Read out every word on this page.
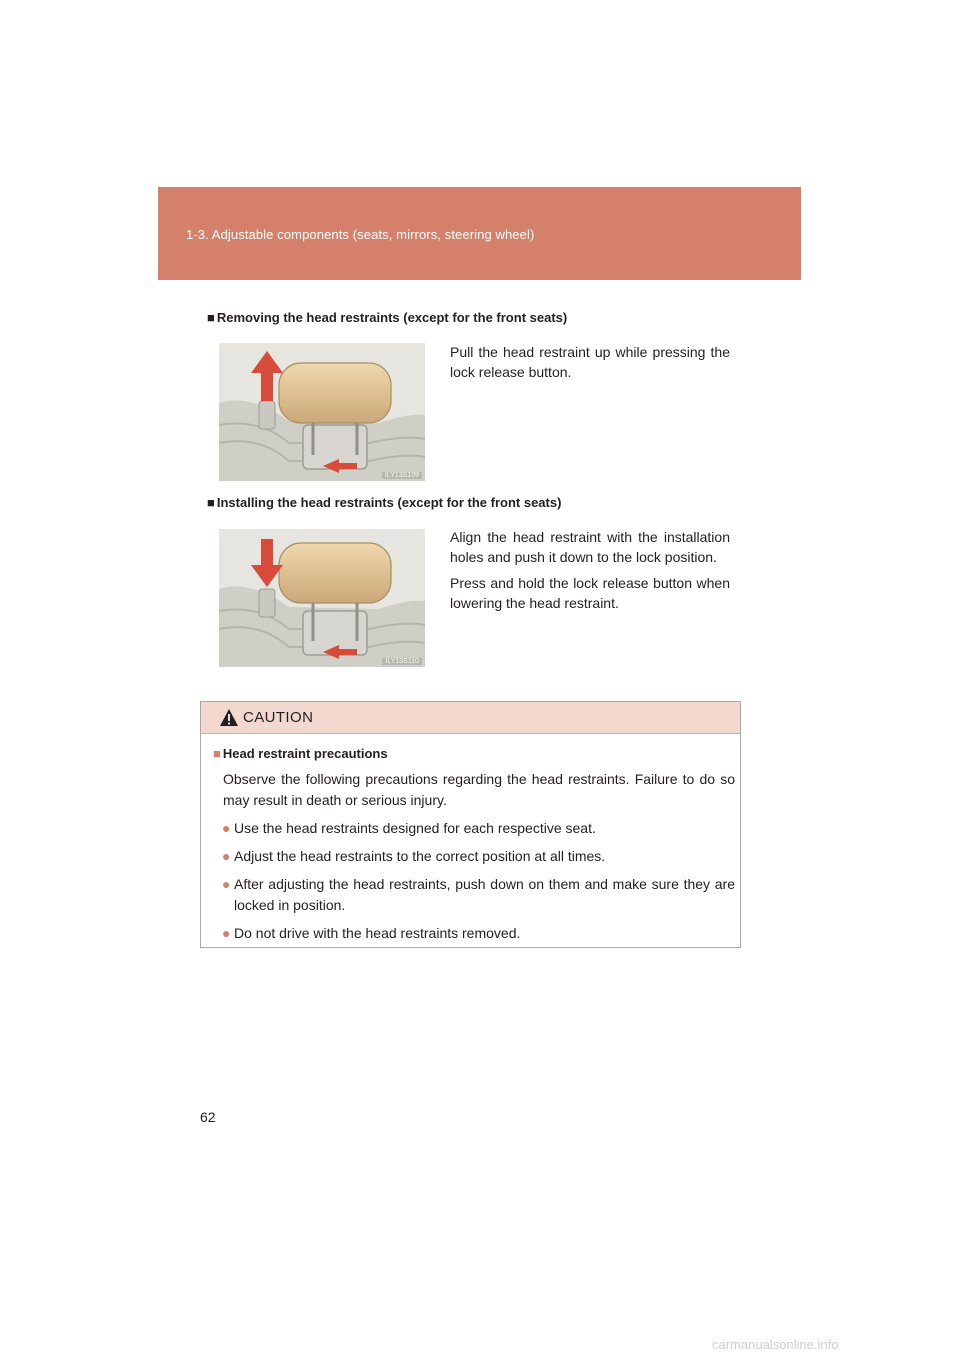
1-3. Adjustable components (seats, mirrors, steering wheel)
■ Removing the head restraints (except for the front seats)
ILY13S109

Pull the head restraint up while pressing the lock release button.

■ Installing the head restraints (except for the front seats)
ILY13S110

Align the head restraint with the installation holes and push it down to the lock position.

Press and hold the lock release button when lowering the head restraint.

CAUTION
■ Head restraint precautions

Observe the following precautions regarding the head restraints. Failure to do so may result in death or serious injury.

● Use the head restraints designed for each respective seat.
● Adjust the head restraints to the correct position at all times.
● After adjusting the head restraints, push down on them and make sure they are locked in position.
● Do not drive with the head restraints removed.
62
carmanualsonline.info
